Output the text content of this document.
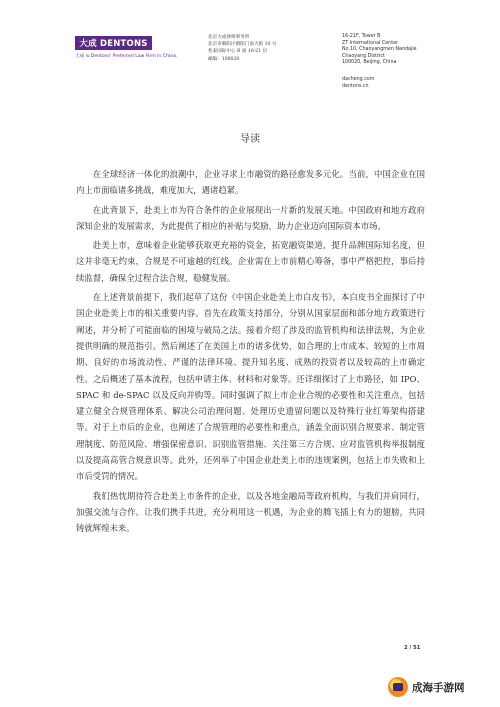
大成 DENTONS
大成 is Dentons' Preferred Law Firm in China.
北京大成律师事务所
北京市朝阳区朝阳门南大街 10 号
兆泰国际中心 B 座 16-21 层
邮编：100020
16-21F, Tower B
ZT International Center
No.10, Chaoyangmen Nandajie
Chaoyang District
100020, Beijing, China
dacheng.com
dentons.cn
导读

在全球经济一体化的浪潮中，企业寻求上市融资的路径愈发多元化。当前，中国企业在国内上市面临诸多挑战，难度加大，遇诸趋紧。

在此背景下，赴美上市为符合条件的企业展现出一片新的发展天地。中国政府和地方政府深知企业的发展需求，为此提供了相应的补贴与奖励，助力企业迈向国际资本市场。

赴美上市，意味着企业能够获取更充裕的资金，拓宽融资渠道，提升品牌国际知名度，但这并非毫无约束，合规是不可逾越的红线。企业需在上市前精心筹备，事中严格把控，事后持续监督，确保全过程合法合规，稳健发展。

在上述背景前提下，我们起草了这份《中国企业赴美上市白皮书》，本白皮书全面探讨了中国企业赴美上市的相关重要内容。首先在政策支持部分，分别从国家层面和部分地方政策进行阐述，并分析了可能面临的困境与破局之法。接着介绍了涉及的监管机构和法律法规，为企业提供明确的规范指引。然后阐述了在美国上市的诸多优势，如合理的上市成本、较短的上市周期、良好的市场流动性、严谨的法律环境、提升知名度、成熟的投资者以及较高的上市确定性。之后概述了基本流程，包括申请主体、材料和对象等。还详细探讨了上市路径，如 IPO、SPAC 和 de-SPAC 以及反向并购等。同时强调了拟上市企业合规的必要性和关注重点，包括建立健全合规管理体系、解决公司治理问题、处理历史遗留问题以及特殊行业红筹架构搭建等。对于上市后的企业，也阐述了合规管理的必要性和重点，涵盖全面识别合规要求、制定管理制度、防范风险、增强保密意识、识别监管措施、关注第三方合规、应对监管机构举报制度以及提高高管合规意识等。此外，还列举了中国企业赴美上市的违规案例，包括上市失败和上市后受罚的情况。

我们热忱期待符合赴美上市条件的企业，以及各地金融局等政府机构，与我们并肩同行，加强交流与合作。让我们携手共进，充分利用这一机遇，为企业的腾飞插上有力的翅膀，共同铸就辉煌未来。

2 / 51
成海手游网
